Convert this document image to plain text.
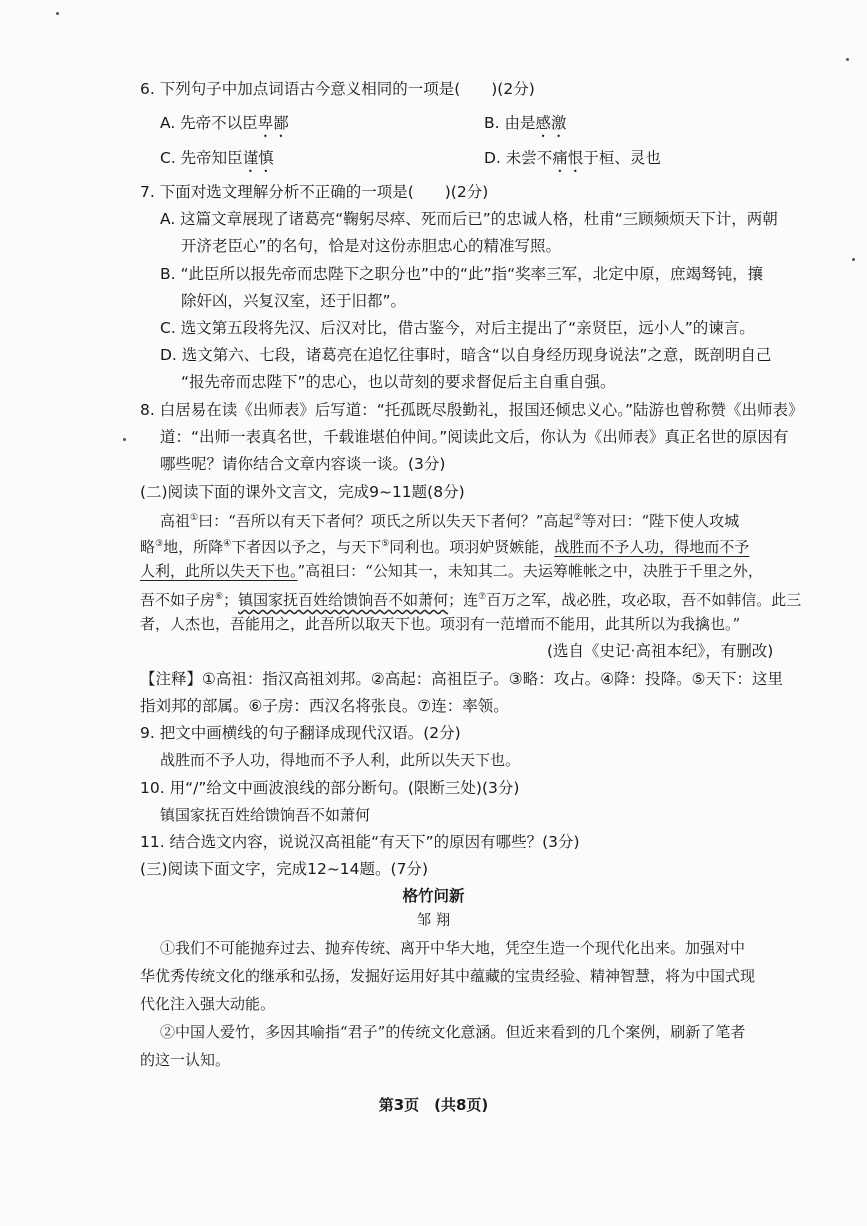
6. 下列句子中加点词语古今意义相同的一项是(　　)(2分)
A. 先帝不以臣卑鄙	B. 由是感激
C. 先帝知臣谨慎	D. 未尝不痛恨于桓、灵也
7. 下面对选文理解分析不正确的一项是(　　)(2分)
A. 这篇文章展现了诸葛亮“鞠躬尽瘁、死而后已”的忠诚人格，杜甫“三顾频烦天下计，两朝
开济老臣心”的名句，恰是对这份赤胆忠心的精准写照。
B. “此臣所以报先帝而忠陛下之职分也”中的“此”指“奖率三军，北定中原，庶竭驽钝，攘
除奸凶，兴复汉室，还于旧都”。
C. 选文第五段将先汉、后汉对比，借古鉴今，对后主提出了“亲贤臣，远小人”的谏言。
D. 选文第六、七段，诸葛亮在追忆往事时，暗含“以自身经历现身说法”之意，既剖明自己
“报先帝而忠陛下”的忠心，也以苛刻的要求督促后主自重自强。
8. 白居易在读《出师表》后写道：“托孤既尽殷勤礼，报国还倾忠义心。”陆游也曾称赞《出师表》
道：“出师一表真名世，千载谁堪伯仲间。”阅读此文后，你认为《出师表》真正名世的原因有
哪些呢？请你结合文章内容谈一谈。(3分)
(二)阅读下面的课外文言文，完成9~11题(8分)
高祖①曰：“吾所以有天下者何？项氏之所以失天下者何？”高起②等对曰：“陛下使人攻城
略③地，所降④下者因以予之，与天下⑤同利也。项羽妒贤嫉能，战胜而不予人功，得地而不予
人利，此所以失天下也。”高祖曰：“公知其一，未知其二。夫运筹帷帐之中，决胜于千里之外，
吾不如子房⑥；镇国家抚百姓给馈饷吾不如萧何；连⑦百万之军，战必胜，攻必取，吾不如韩信。此三
者，人杰也，吾能用之，此吾所以取天下也。项羽有一范增而不能用，此其所以为我擒也。”
(选自《史记·高祖本纪》，有删改)
【注释】①高祖：指汉高祖刘邦。②高起：高祖臣子。③略：攻占。④降：投降。⑤天下：这里
指刘邦的部属。⑥子房：西汉名将张良。⑦连：率领。
9. 把文中画横线的句子翻译成现代汉语。(2分)
战胜而不予人功，得地而不予人利，此所以失天下也。
10. 用“/”给文中画波浪线的部分断句。(限断三处)(3分)
镇国家抚百姓给馈饷吾不如萧何
11. 结合选文内容，说说汉高祖能“有天下”的原因有哪些？(3分)
(三)阅读下面文字，完成12~14题。(7分)
格竹问新
邹 翔
①我们不可能抛弃过去、抛弃传统、离开中华大地，凭空生造一个现代化出来。加强对中
华优秀传统文化的继承和弘扬，发掘好运用好其中蕴藏的宝贵经验、精神智慧，将为中国式现
代化注入强大动能。
②中国人爱竹，多因其喻指“君子”的传统文化意涵。但近来看到的几个案例，刷新了笔者
的这一认知。
第3页　(共8页)
